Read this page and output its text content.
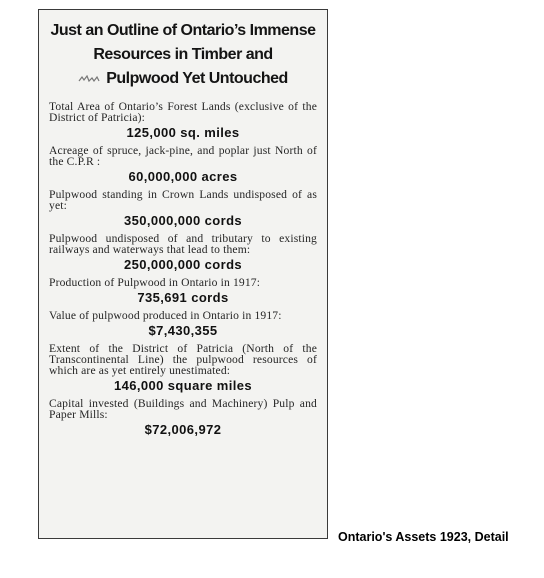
Just an Outline of Ontario’s Immense
Resources in Timber and
Pulpwood Yet Untouched

Total Area of Ontario’s Forest Lands (exclusive of the District of Patricia):

125,000 sq. miles

Acreage of spruce, jack-pine, and poplar just North of the C.P.R :

60,000,000 acres

Pulpwood standing in Crown Lands undisposed of as yet:

350,000,000 cords

Pulpwood undisposed of and tributary to existing railways and waterways that lead to them:

250,000,000 cords

Production of Pulpwood in Ontario in 1917:

735,691 cords

Value of pulpwood produced in Ontario in 1917:

$7,430,355

Extent of the District of Patricia (North of the Transcontinental Line) the pulpwood resources of which are as yet entirely unestimated:

146,000 square miles

Capital invested (Buildings and Machinery) Pulp and Paper Mills:

$72,006,972

Ontario's Assets 1923, Detail
